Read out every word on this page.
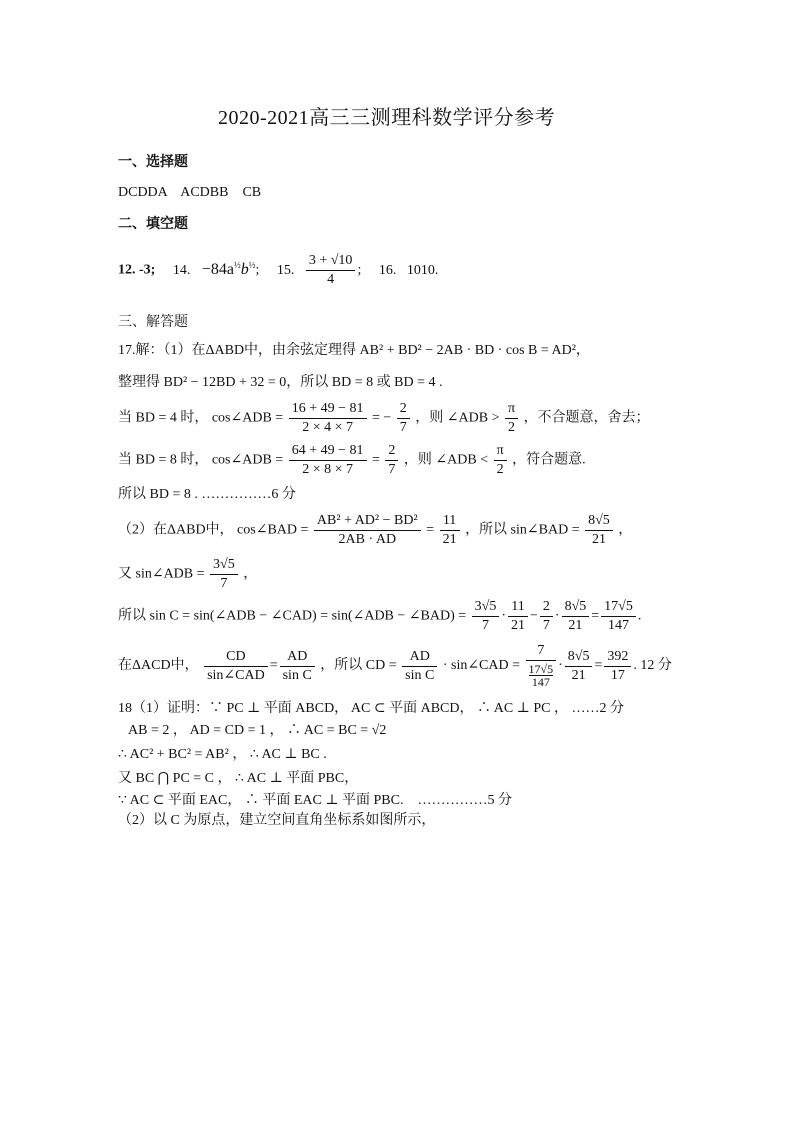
2020-2021高三三测理科数学评分参考
一、选择题
DCDDA    ACDBB    CB
二、填空题
12. -3; 14. $-84a^{\frac{1}{2}}b^{\frac{1}{2}}$; 15. $\frac{3 + √10}{4}$ ; 16.   1010.
三、解答题
17.解：（1）在ΔABD中，由余弦定理得 AB² + BD² − 2AB · BD · cos B = AD²，
整理得 BD² − 12BD + 32 = 0，所以 BD = 8 或 BD = 4 .
当 BD = 4 时， cos∠ADB = $\frac{16 + 49 - 81}{2 \times 4 \times 7}$ = − $\frac{2}{7}$ ，则 ∠ADB > $\frac{\pi}{2}$ ，不合题意，舍去；
当 BD = 8 时， cos∠ADB = $\frac{64 + 49 - 81}{2 \times 8 \times 7} = \frac{2}{7}$ ，则 ∠ADB < $\frac{\pi}{2}$ ，符合题意.
所以 BD = 8 . ……………6 分
（2）在ΔABD中， cos∠BAD = $\frac{\text{AB² + AD² − BD²}}{2AB \cdot AD} = \frac{11}{21}$ ，所以 sin∠BAD = $\frac{8√5}{21}$ ，
又 sin∠ADB = $\frac{3√5}{7}$ ，
所以 sin C = sin(∠ADB − ∠CAD) = sin(∠ADB − ∠BAD) = $\frac{3√5}{7} \cdot \frac{11}{21} - \frac{2}{7} \cdot \frac{8√5}{21} = \frac{17√5}{147}$ .
在ΔACD中， $\frac{CD}{\text{sin∠CAD}} = \frac{AD}{\text{sin C}}$ ，所以 CD = $\frac{AD}{\text{sin C}}$ · sin∠CAD = 7
17√5
$147 \cdot \frac{8√5}{21} = \frac{392}{17}$ . 12 分
18（1）证明：∵ PC ⊥ 平面 ABCD， AC ⊂ 平面 ABCD， ∴ AC ⊥ PC ， ……2 分
AB = 2 ， AD = CD = 1 ， ∴ AC = BC = √2
∴ AC² + BC² = AB² ， ∴ AC ⊥ BC .
又 BC ⋂ PC = C ， ∴ AC ⊥ 平面 PBC，
∵ AC ⊂ 平面 EAC， ∴ 平面 EAC ⊥ 平面 PBC.    ……………5 分
（2）以 C 为原点，建立空间直角坐标系如图所示，
